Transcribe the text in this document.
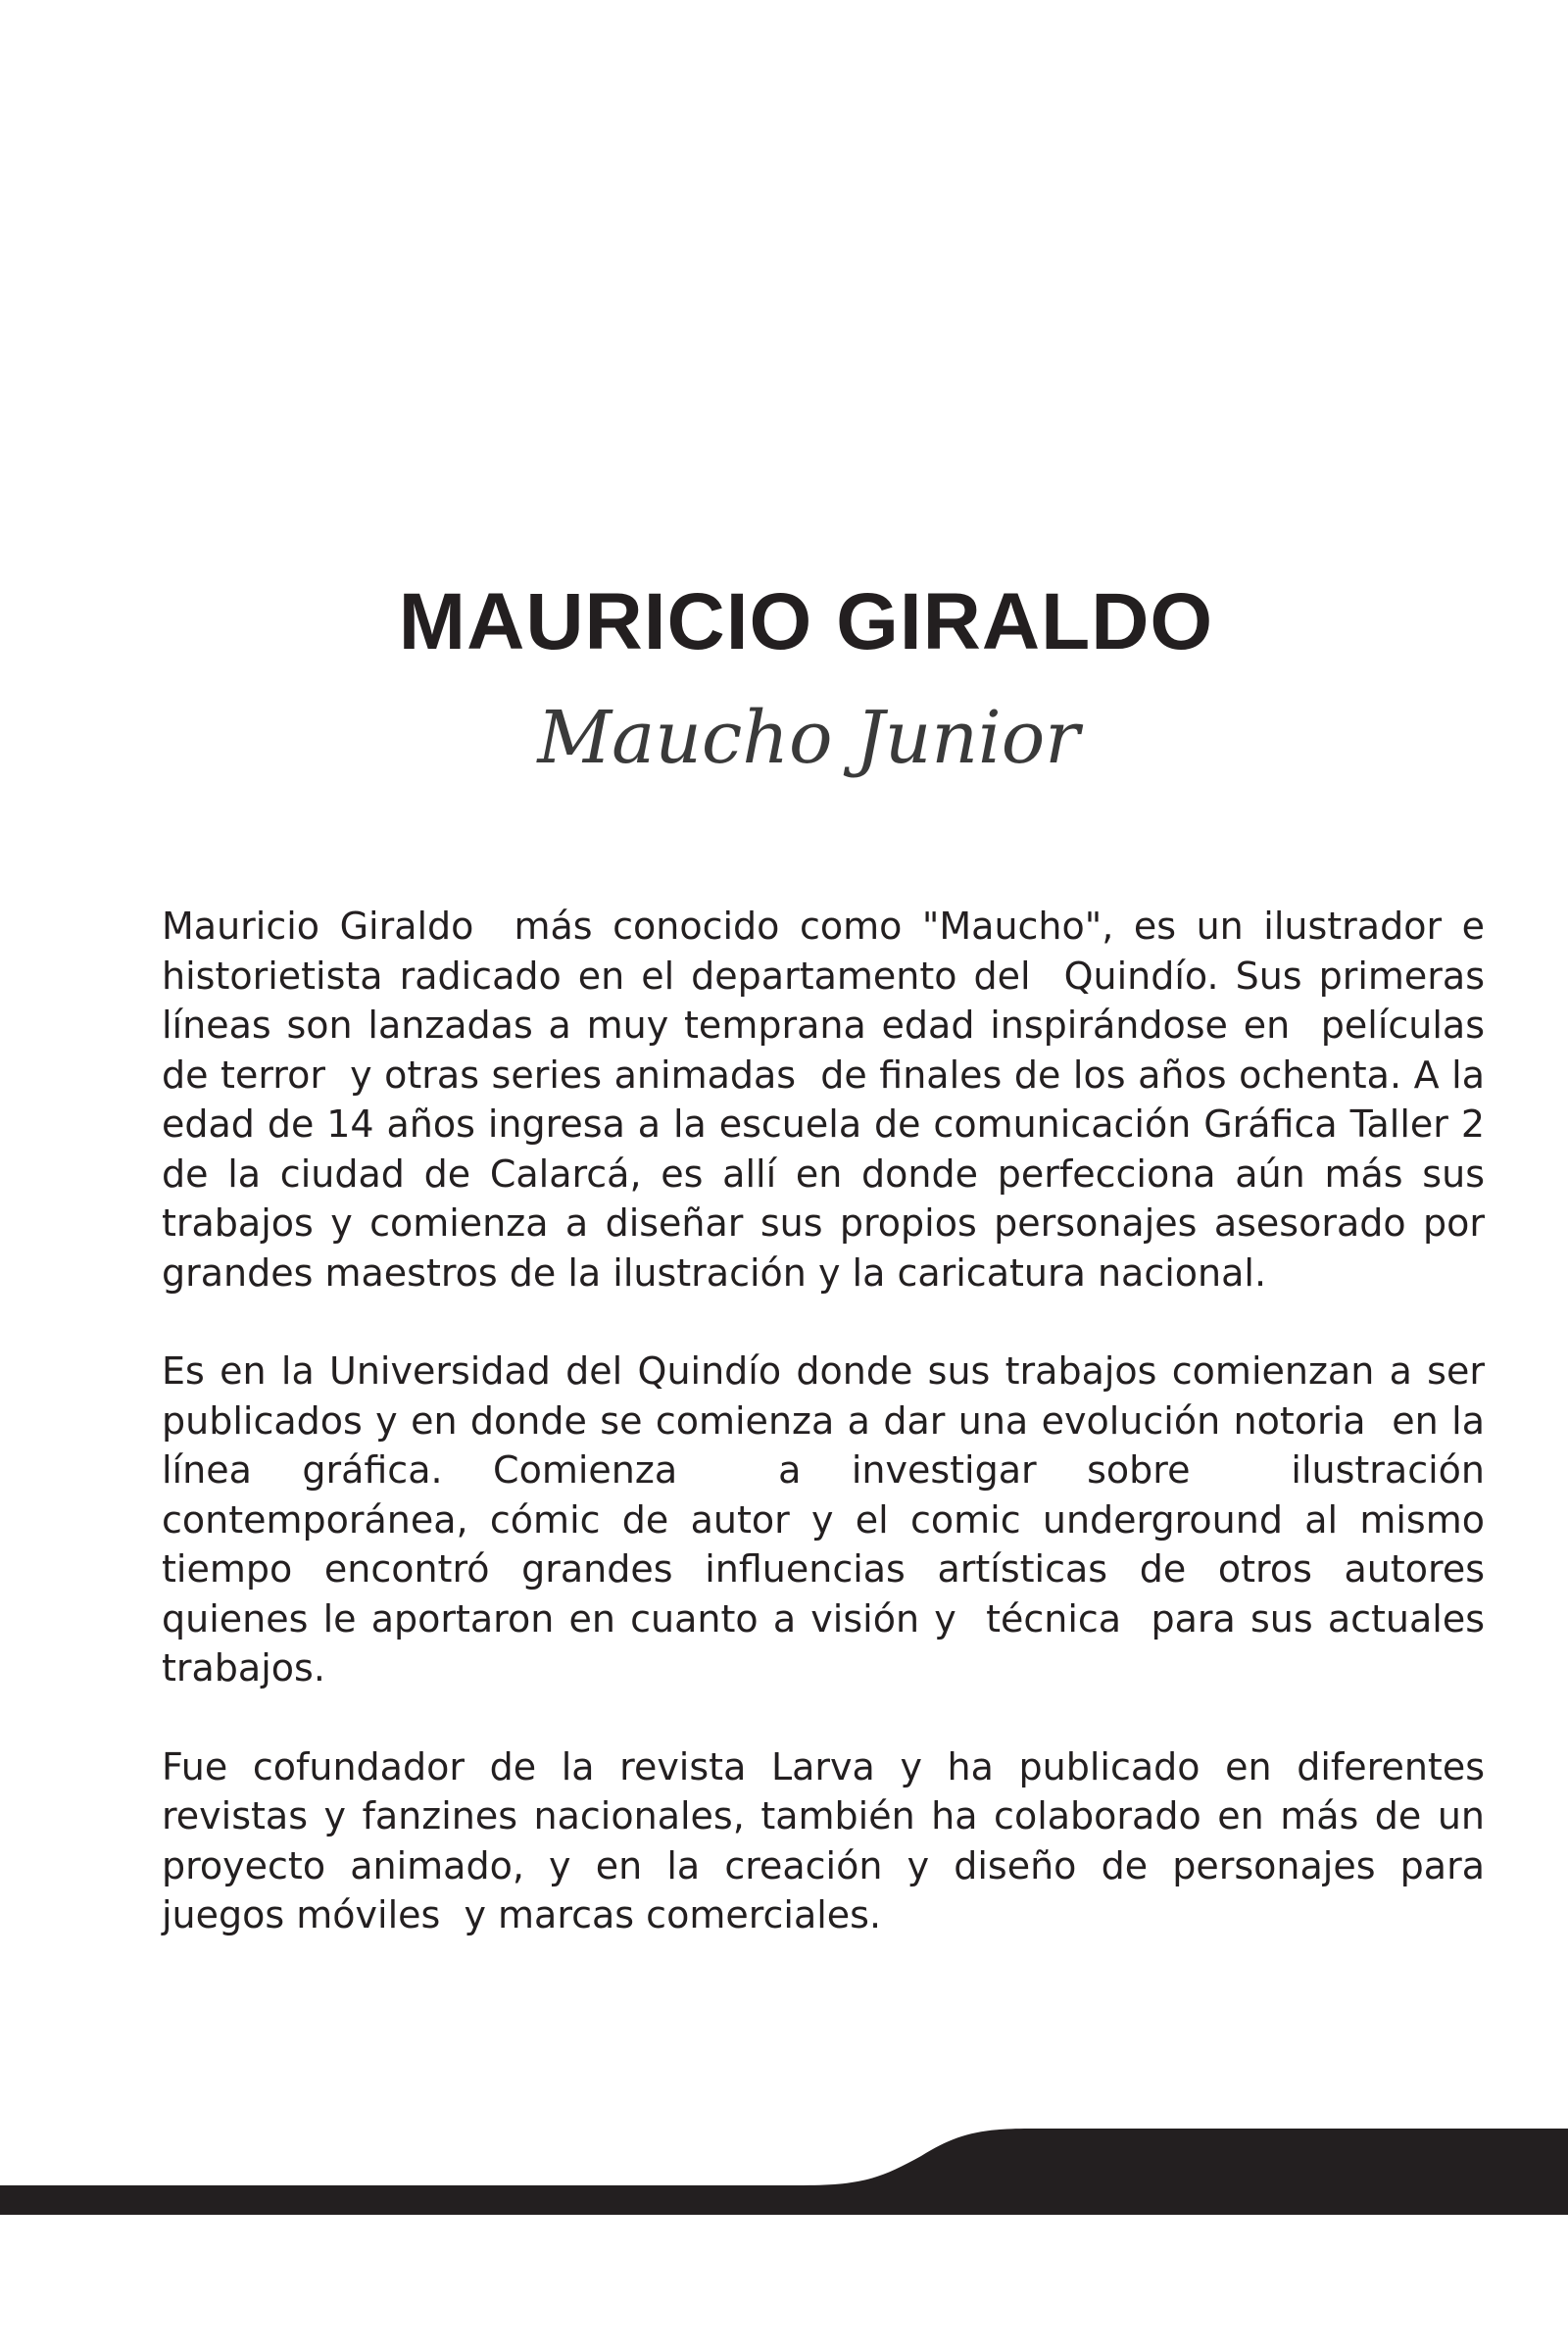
MAURICIO GIRALDO
Maucho Junior

Mauricio Giraldo  más conocido como "Maucho", es un ilustrador e historietista radicado en el departamento del  Quindío. Sus primeras líneas son lanzadas a muy temprana edad inspirándose en  películas de terror  y otras series animadas  de finales de los años ochenta. A la edad de 14 años ingresa a la escuela de comunicación Gráfica Taller 2 de la ciudad de Calarcá, es allí en donde perfecciona aún más sus trabajos y comienza a diseñar sus propios personajes asesorado por grandes maestros de la ilustración y la caricatura nacional.

Es en la Universidad del Quindío donde sus trabajos comienzan a ser publicados y en donde se comienza a dar una evolución notoria  en la línea gráfica. Comienza  a investigar sobre  ilustración contemporánea, cómic de autor y el comic underground al mismo tiempo encontró grandes influencias artísticas de otros autores quienes le aportaron en cuanto a visión y  técnica  para sus actuales trabajos.

Fue cofundador de la revista Larva y ha publicado en diferentes revistas y fanzines nacionales, también ha colaborado en más de un proyecto animado, y en la creación y diseño de personajes para juegos móviles  y marcas comerciales.
